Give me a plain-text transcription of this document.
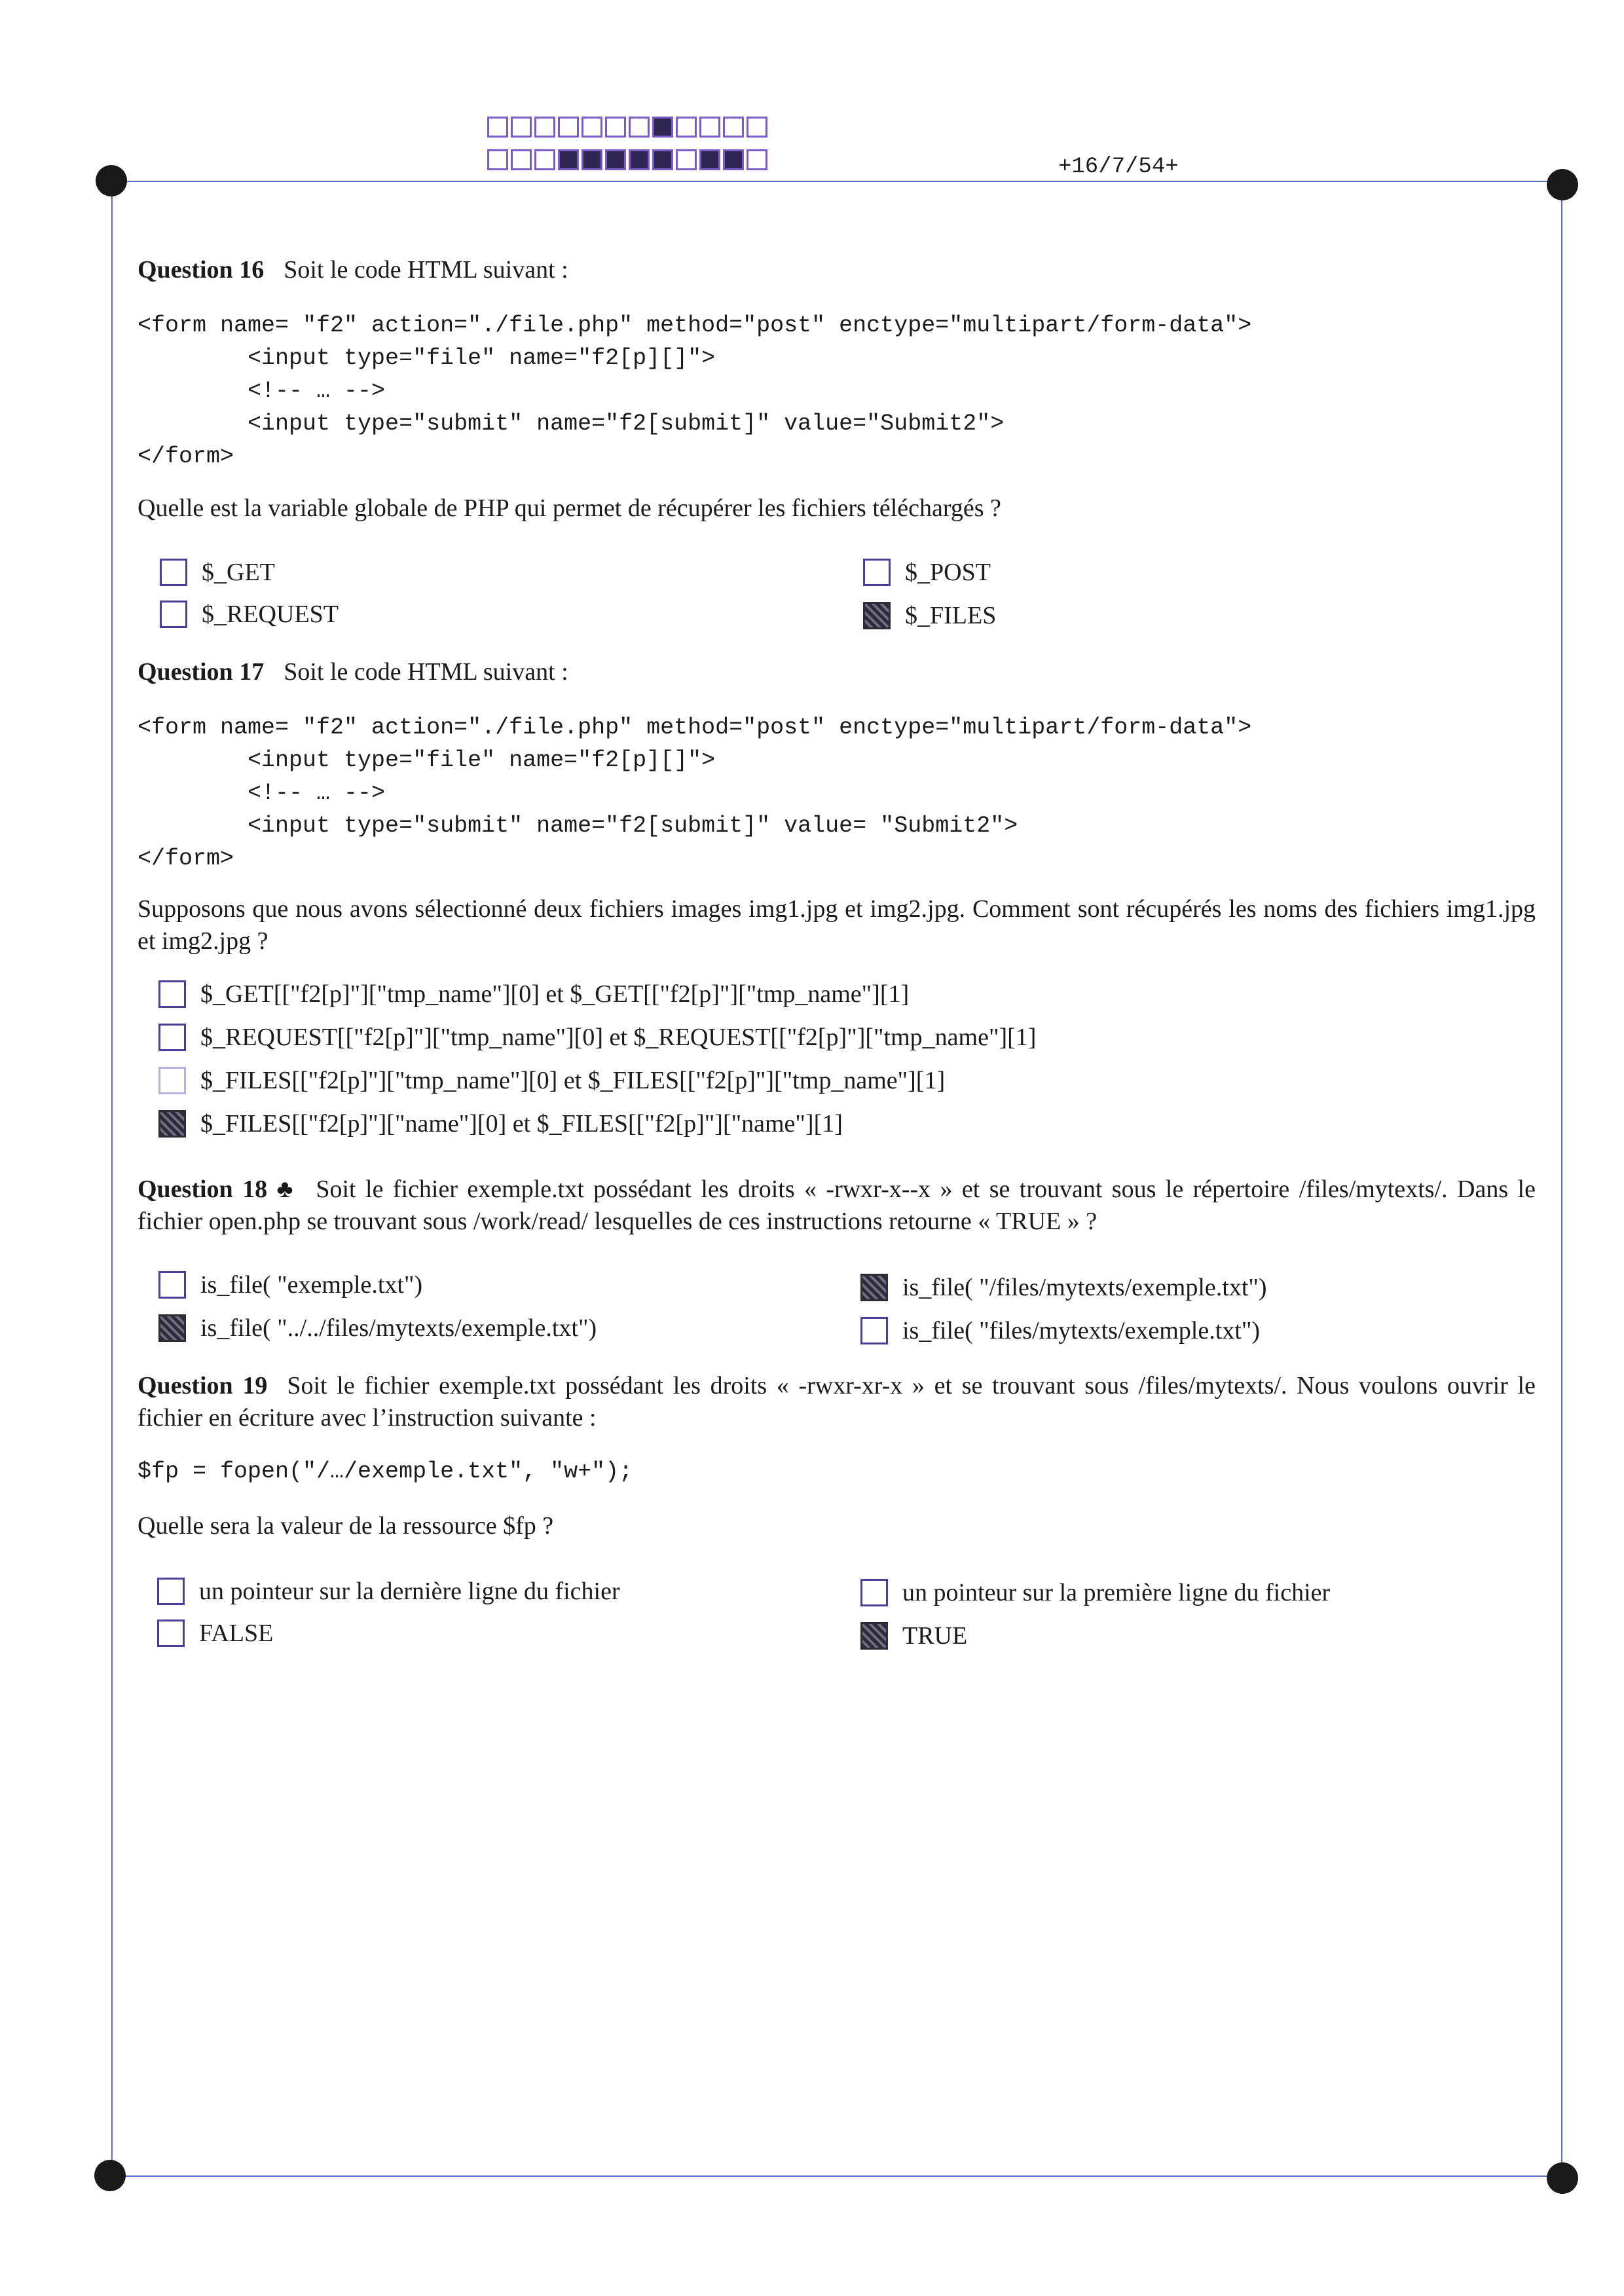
+16/7/54+
Question 16 Soit le code HTML suivant :
<form name= "f2" action="./file.php" method="post" enctype="multipart/form-data">
<input type="file" name="f2[p][]">
<!-- … -->
<input type="submit" name="f2[submit]" value="Submit2">
</form>
Quelle est la variable globale de PHP qui permet de récupérer les fichiers téléchargés ?
$_GET	$_POST
$_REQUEST	$_FILES
Question 17 Soit le code HTML suivant :
<form name= "f2" action="./file.php" method="post" enctype="multipart/form-data">
<input type="file" name="f2[p][]">
<!-- … -->
<input type="submit" name="f2[submit]" value= "Submit2">
</form>
Supposons que nous avons sélectionné deux fichiers images img1.jpg et img2.jpg. Comment sont récupérés les noms des fichiers img1.jpg et img2.jpg ?
$_GET[["f2[p]"]["tmp_name"][0] et $_GET[["f2[p]"]["tmp_name"][1]
$_REQUEST[["f2[p]"]["tmp_name"][0] et $_REQUEST[["f2[p]"]["tmp_name"][1]
$_FILES[["f2[p]"]["tmp_name"][0] et $_FILES[["f2[p]"]["tmp_name"][1]
$_FILES[["f2[p]"]["name"][0] et $_FILES[["f2[p]"]["name"][1]
Question 18 ♣ Soit le fichier exemple.txt possédant les droits « -rwxr-x--x » et se trouvant sous le répertoire /files/mytexts/. Dans le fichier open.php se trouvant sous /work/read/ lesquelles de ces instructions retourne « TRUE » ?
is_file( "exemple.txt")	is_file( "/files/mytexts/exemple.txt")
is_file( "../../files/mytexts/exemple.txt")	is_file( "files/mytexts/exemple.txt")
Question 19 Soit le fichier exemple.txt possédant les droits « -rwxr-xr-x » et se trouvant sous /files/mytexts/. Nous voulons ouvrir le fichier en écriture avec l’instruction suivante :
$fp = fopen("/…/exemple.txt", "w+");
Quelle sera la valeur de la ressource $fp ?
un pointeur sur la dernière ligne du fichier	un pointeur sur la première ligne du fichier
FALSE	TRUE
